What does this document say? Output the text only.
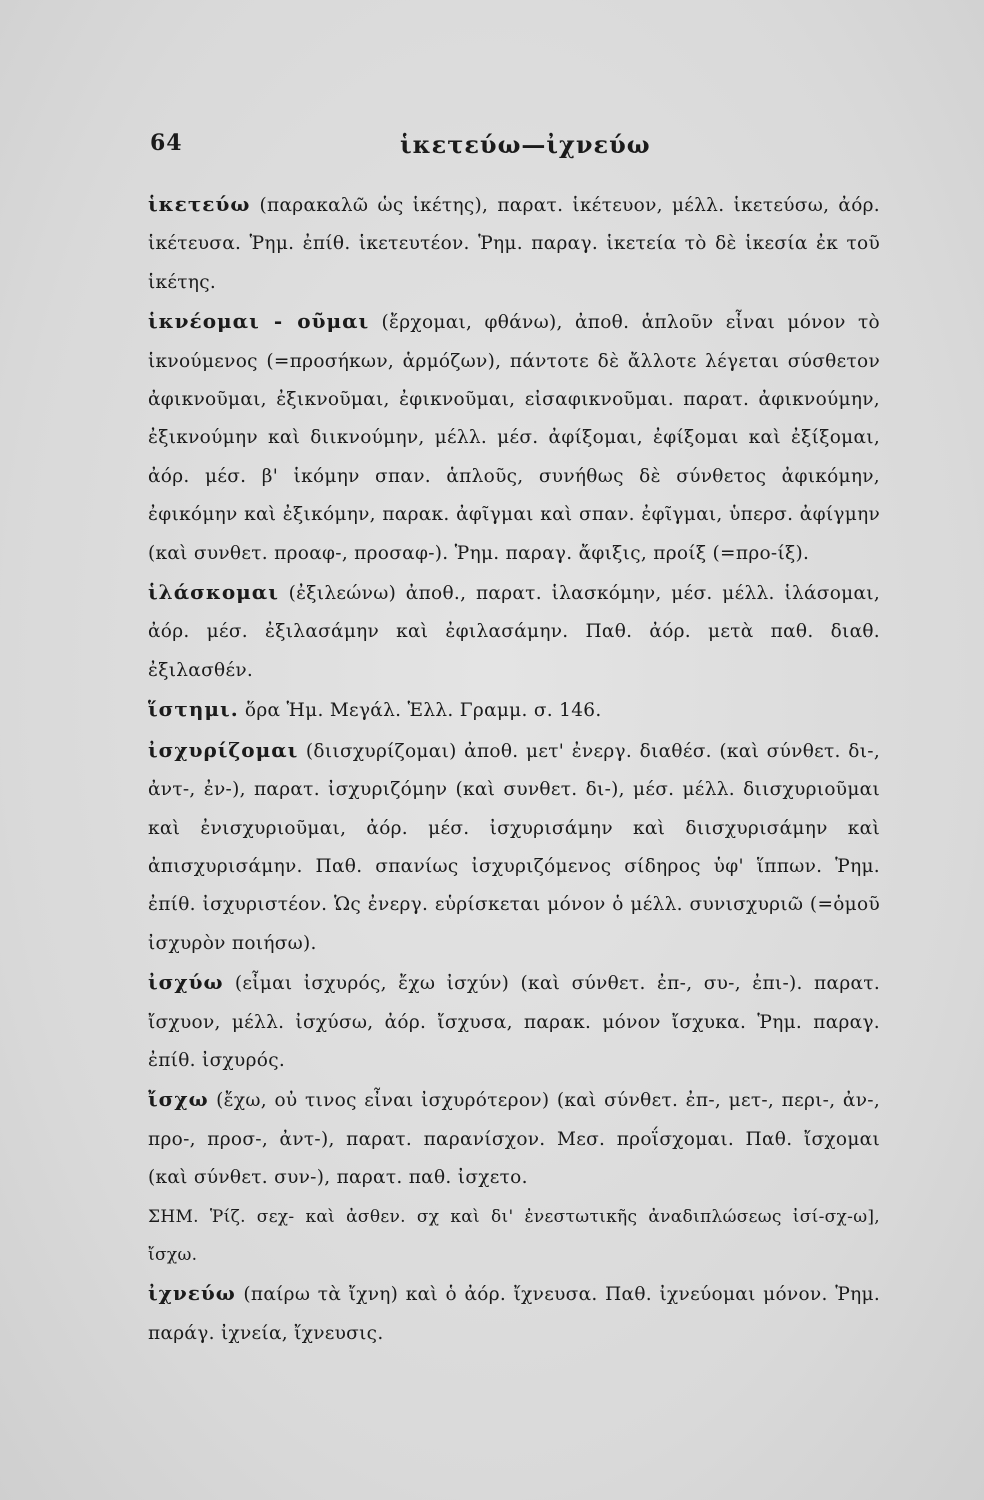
64	ἱκετεύω—ἰχνεύω

ἱκετεύω (παρακαλῶ ὡς ἱκέτης), παρατ. ἱκέτευον, μέλλ. ἱκετεύσω, ἀόρ. ἱκέτευσα. Ῥημ. ἐπίθ. ἱκετευτέον. Ῥημ. παραγ. ἱκετεία τὸ δὲ ἱκεσία ἐκ τοῦ ἱκέτης.

ἱκνέομαι - οῦμαι (ἔρχομαι, φθάνω), ἀποθ. ἁπλοῦν εἶναι μόνον τὸ ἱκνούμενος (=προσήκων, ἁρμόζων), πάντοτε δὲ ἄλλοτε λέγεται σύσθετον ἀφικνοῦμαι, ἐξικνοῦμαι, ἐφικνοῦμαι, εἰσαφικνοῦμαι. παρατ. ἀφικνούμην, ἐξικνούμην καὶ διικνούμην, μέλλ. μέσ. ἀφίξομαι, ἐφίξομαι καὶ ἐξίξομαι, ἀόρ. μέσ. β' ἱκόμην σπαν. ἁπλοῦς, συνήθως δὲ σύνθετος ἀφικόμην, ἐφικόμην καὶ ἐξικόμην, παρακ. ἀφῖγμαι καὶ σπαν. ἐφῖγμαι, ὑπερσ. ἀφίγμην (καὶ συνθετ. προαφ-, προσαφ-). Ῥημ. παραγ. ἄφιξις, προίξ (=προ-ίξ).

ἱλάσκομαι (ἐξιλεώνω) ἀποθ., παρατ. ἱλασκόμην, μέσ. μέλλ. ἱλάσομαι, ἀόρ. μέσ. ἐξιλασάμην καὶ ἐφιλασάμην. Παθ. ἀόρ. μετὰ παθ. διαθ. ἐξιλασθέν.

ἵστημι. ὅρα Ἡμ. Μεγάλ. Ἑλλ. Γραμμ. σ. 146.

ἰσχυρίζομαι (διισχυρίζομαι) ἀποθ. μετ' ἐνεργ. διαθέσ. (καὶ σύνθετ. δι-, ἀντ-, ἐν-), παρατ. ἰσχυριζόμην (καὶ συνθετ. δι-), μέσ. μέλλ. διισχυριοῦμαι καὶ ἐνισχυριοῦμαι, ἀόρ. μέσ. ἰσχυρισάμην καὶ διισχυρισάμην καὶ ἀπισχυρισάμην. Παθ. σπανίως ἰσχυριζόμενος σίδηρος ὑφ' ἵππων. Ῥημ. ἐπίθ. ἰσχυριστέον. Ὡς ἐνεργ. εὑρίσκεται μόνον ὁ μέλλ. συνισχυριῶ (=ὁμοῦ ἰσχυρὸν ποιήσω).

ἰσχύω (εἶμαι ἰσχυρός, ἔχω ἰσχύν) (καὶ σύνθετ. ἐπ-, συ-, ἐπι-). παρατ. ἴσχυον, μέλλ. ἰσχύσω, ἀόρ. ἴσχυσα, παρακ. μόνον ἴσχυκα. Ῥημ. παραγ. ἐπίθ. ἰσχυρός.

ἴσχω (ἔχω, οὐ τινος εἶναι ἰσχυρότερον) (καὶ σύνθετ. ἐπ-, μετ-, περι-, ἀν-, προ-, προσ-, ἀντ-), παρατ. παρανίσχον. Μεσ. προΐσχομαι. Παθ. ἴσχομαι (καὶ σύνθετ. συν-), παρατ. παθ. ἰσχετο.

ΣΗΜ. Ῥίζ. σεχ- καὶ ἀσθεν. σχ καὶ δι' ἐνεστωτικῆς ἀναδιπλώσεως ἰσί-σχ-ω], ἴσχω.

ἰχνεύω (παίρω τὰ ἴχνη) καὶ ὁ ἀόρ. ἴχνευσα. Παθ. ἰχνεύομαι μόνον. Ῥημ. παράγ. ἰχνεία, ἴχνευσις.
